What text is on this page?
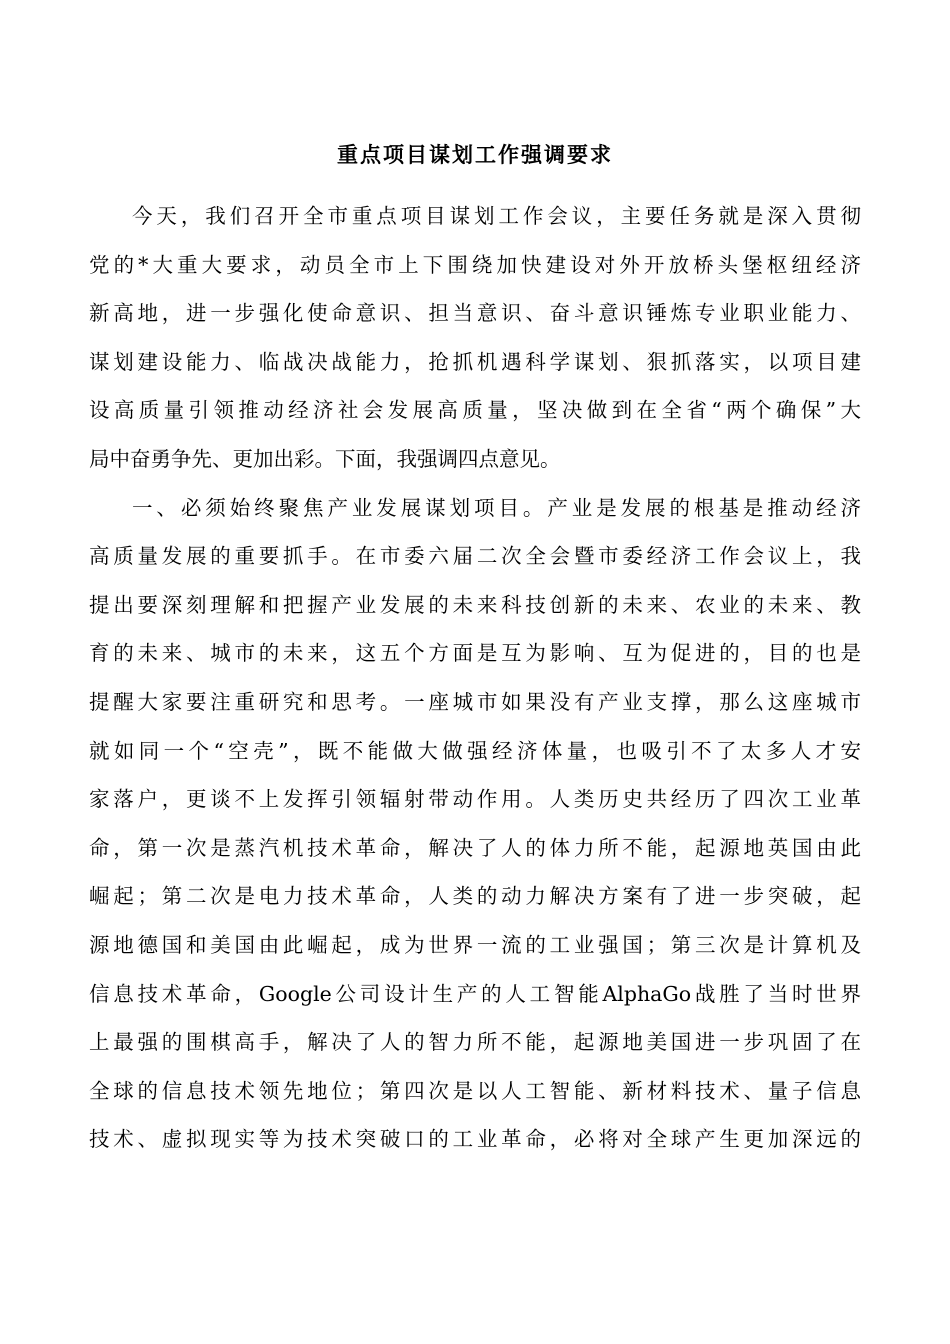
重点项目谋划工作强调要求
今天，我们召开全市重点项目谋划工作会议，主要任务就是深入贯彻
党的*大重大要求，动员全市上下围绕加快建设对外开放桥头堡枢纽经济
新高地，进一步强化使命意识、担当意识、奋斗意识锤炼专业职业能力、
谋划建设能力、临战决战能力，抢抓机遇科学谋划、狠抓落实，以项目建
设高质量引领推动经济社会发展高质量，坚决做到在全省“两个确保”大
局中奋勇争先、更加出彩。下面，我强调四点意见。
一、必须始终聚焦产业发展谋划项目。产业是发展的根基是推动经济
高质量发展的重要抓手。在市委六届二次全会暨市委经济工作会议上，我
提出要深刻理解和把握产业发展的未来科技创新的未来、农业的未来、教
育的未来、城市的未来，这五个方面是互为影响、互为促进的，目的也是
提醒大家要注重研究和思考。一座城市如果没有产业支撑，那么这座城市
就如同一个“空壳”，既不能做大做强经济体量，也吸引不了太多人才安
家落户，更谈不上发挥引领辐射带动作用。人类历史共经历了四次工业革
命，第一次是蒸汽机技术革命，解决了人的体力所不能，起源地英国由此
崛起；第二次是电力技术革命，人类的动力解决方案有了进一步突破，起
源地德国和美国由此崛起，成为世界一流的工业强国；第三次是计算机及
信息技术革命，Google公司设计生产的人工智能AlphaGo战胜了当时世界
上最强的围棋高手，解决了人的智力所不能，起源地美国进一步巩固了在
全球的信息技术领先地位；第四次是以人工智能、新材料技术、量子信息
技术、虚拟现实等为技术突破口的工业革命，必将对全球产生更加深远的
